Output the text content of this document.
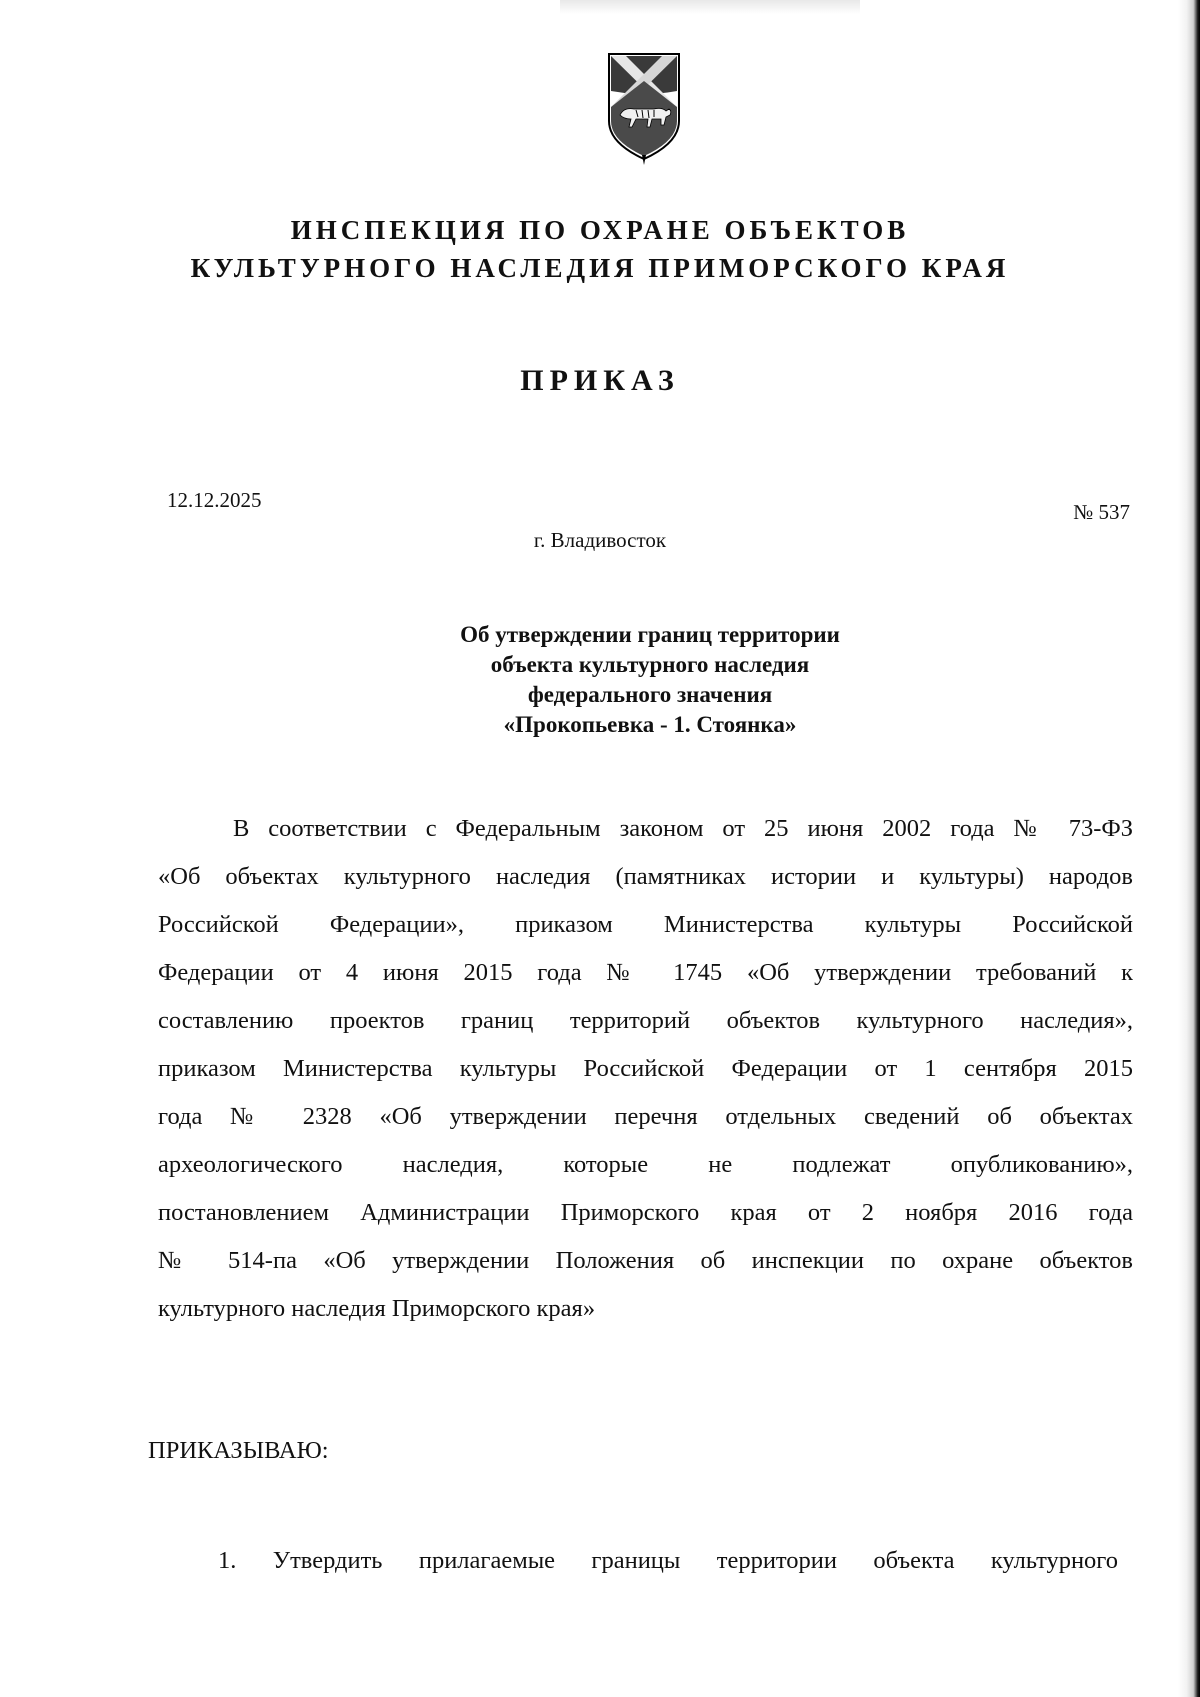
ИНСПЕКЦИЯ ПО ОХРАНЕ ОБЪЕКТОВ
КУЛЬТУРНОГО НАСЛЕДИЯ ПРИМОРСКОГО КРАЯ
ПРИКАЗ
12.12.2025	№ 537
г. Владивосток
Об утверждении границ территории
объекта культурного наследия
федерального значения
«Прокопьевка - 1. Стоянка»
В соответствии с Федеральным законом от 25 июня 2002 года № 73-ФЗ
«Об объектах культурного наследия (памятниках истории и культуры) народов
Российской Федерации», приказом Министерства культуры Российской
Федерации от 4 июня 2015 года № 1745 «Об утверждении требований к
составлению проектов границ территорий объектов культурного наследия»,
приказом Министерства культуры Российской Федерации от 1 сентября 2015
года № 2328 «Об утверждении перечня отдельных сведений об объектах
археологического наследия, которые не подлежат опубликованию»,
постановлением Администрации Приморского края от 2 ноября 2016 года
№ 514-па «Об утверждении Положения об инспекции по охране объектов
культурного наследия Приморского края»
ПРИКАЗЫВАЮ:
1. Утвердить прилагаемые границы территории объекта культурного
